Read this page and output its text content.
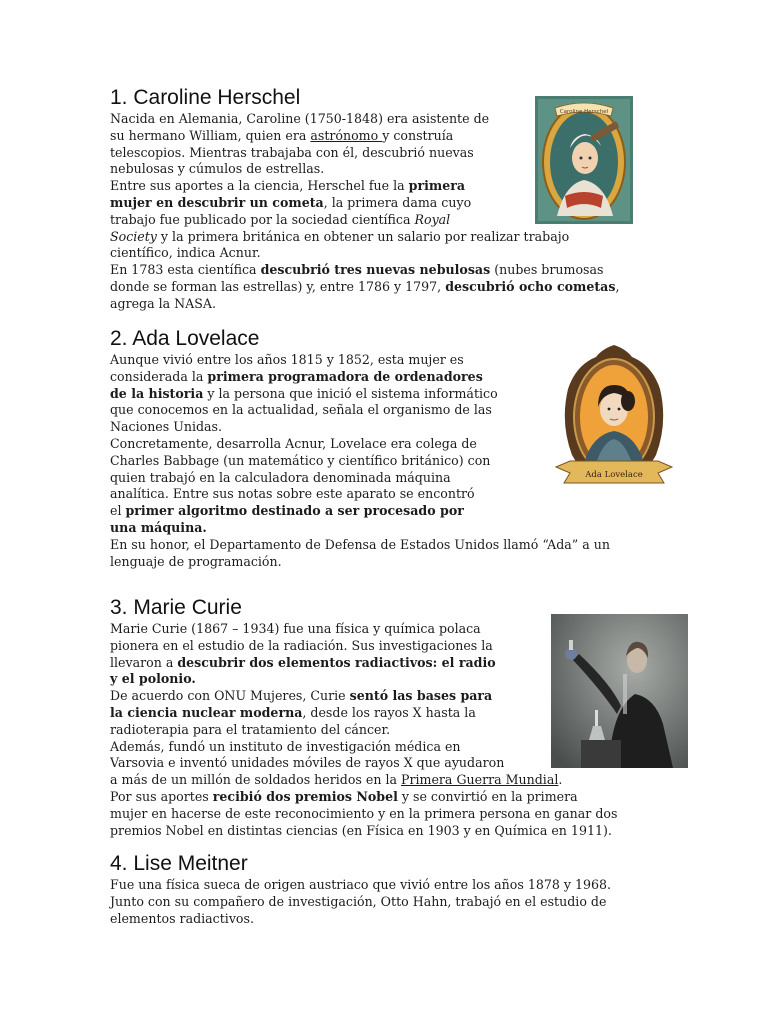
1. Caroline Herschel
Nacida en Alemania, Caroline (1750-1848) era asistente de
su hermano William, quien era astrónomo y construía
telescopios. Mientras trabajaba con él, descubrió nuevas
nebulosas y cúmulos de estrellas.
Entre sus aportes a la ciencia, Herschel fue la primera
mujer en descubrir un cometa, la primera dama cuyo
trabajo fue publicado por la sociedad científica Royal
Society y la primera británica en obtener un salario por realizar trabajo
científico, indica Acnur.
En 1783 esta científica descubrió tres nuevas nebulosas (nubes brumosas
donde se forman las estrellas) y, entre 1786 y 1797, descubrió ocho cometas,
agrega la NASA.
Caroline Herschel
2. Ada Lovelace
Aunque vivió entre los años 1815 y 1852, esta mujer es
considerada la primera programadora de ordenadores
de la historia y la persona que inició el sistema informático
que conocemos en la actualidad, señala el organismo de las
Naciones Unidas.
Concretamente, desarrolla Acnur, Lovelace era colega de
Charles Babbage (un matemático y científico británico) con
quien trabajó en la calculadora denominada máquina
analítica. Entre sus notas sobre este aparato se encontró
el primer algoritmo destinado a ser procesado por
una máquina.
En su honor, el Departamento de Defensa de Estados Unidos llamó “Ada” a un
lenguaje de programación.
Ada Lovelace
3. Marie Curie
Marie Curie (1867 – 1934) fue una física y química polaca
pionera en el estudio de la radiación. Sus investigaciones la
llevaron a descubrir dos elementos radiactivos: el radio
y el polonio.
De acuerdo con ONU Mujeres, Curie sentó las bases para
la ciencia nuclear moderna, desde los rayos X hasta la
radioterapia para el tratamiento del cáncer.
Además, fundó un instituto de investigación médica en
Varsovia e inventó unidades móviles de rayos X que ayudaron
a más de un millón de soldados heridos en la Primera Guerra Mundial.
Por sus aportes recibió dos premios Nobel y se convirtió en la primera
mujer en hacerse de este reconocimiento y en la primera persona en ganar dos
premios Nobel en distintas ciencias (en Física en 1903 y en Química en 1911).
4. Lise Meitner
Fue una física sueca de origen austriaco que vivió entre los años 1878 y 1968.
Junto con su compañero de investigación, Otto Hahn, trabajó en el estudio de
elementos radiactivos.
